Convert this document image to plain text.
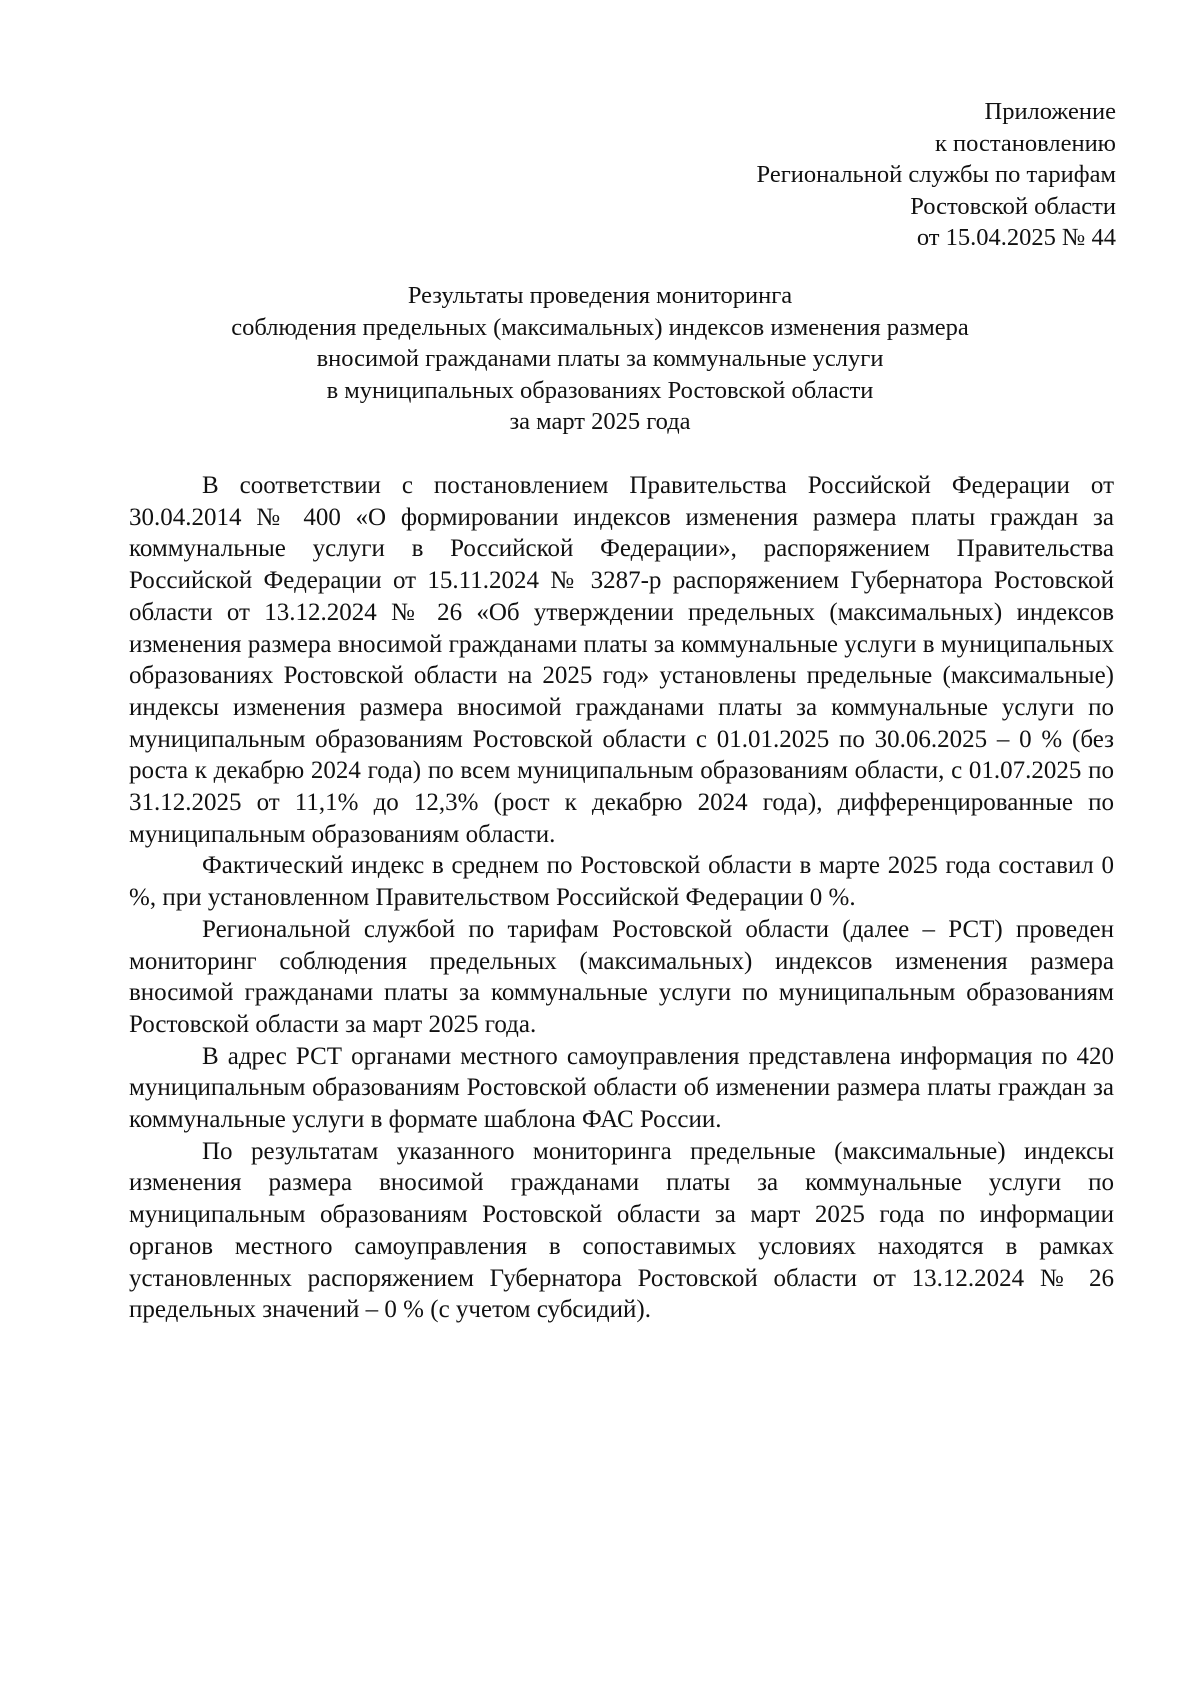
Приложение
к постановлению
Региональной службы по тарифам
Ростовской области
от 15.04.2025 № 44
Результаты проведения мониторинга
соблюдения предельных (максимальных) индексов изменения размера
вносимой гражданами платы за коммунальные услуги
в муниципальных образованиях Ростовской области
за март 2025 года

В соответствии с постановлением Правительства Российской Федерации от 30.04.2014 № 400 «О формировании индексов изменения размера платы граждан за коммунальные услуги в Российской Федерации», распоряжением Правительства Российской Федерации от 15.11.2024 № 3287-р распоряжением Губернатора Ростовской области от 13.12.2024 № 26 «Об утверждении предельных (максимальных) индексов изменения размера вносимой гражданами платы за коммунальные услуги в муниципальных образованиях Ростовской области на 2025 год» установлены предельные (максимальные) индексы изменения размера вносимой гражданами платы за коммунальные услуги по муниципальным образованиям Ростовской области с 01.01.2025 по 30.06.2025 – 0 % (без роста к декабрю 2024 года) по всем муниципальным образованиям области, с 01.07.2025 по 31.12.2025 от 11,1% до 12,3% (рост к декабрю 2024 года), дифференцированные по муниципальным образованиям области.

Фактический индекс в среднем по Ростовской области в марте 2025 года составил 0 %, при установленном Правительством Российской Федерации 0 %.

Региональной службой по тарифам Ростовской области (далее – РСТ) проведен мониторинг соблюдения предельных (максимальных) индексов изменения размера вносимой гражданами платы за коммунальные услуги по муниципальным образованиям Ростовской области за март 2025 года.

В адрес РСТ органами местного самоуправления представлена информация по 420 муниципальным образованиям Ростовской области об изменении размера платы граждан за коммунальные услуги в формате шаблона ФАС России.

По результатам указанного мониторинга предельные (максимальные) индексы изменения размера вносимой гражданами платы за коммунальные услуги по муниципальным образованиям Ростовской области за март 2025 года по информации органов местного самоуправления в сопоставимых условиях находятся в рамках установленных распоряжением Губернатора Ростовской области от 13.12.2024 № 26 предельных значений – 0 % (с учетом субсидий).
